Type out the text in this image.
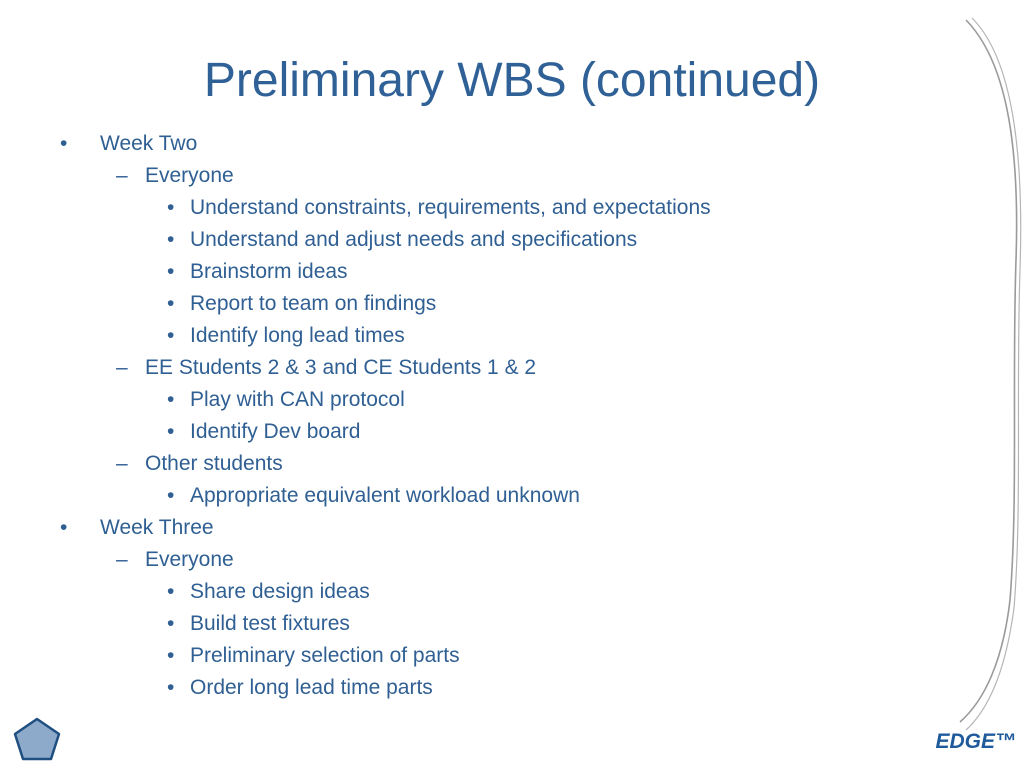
Preliminary WBS (continued)
• Week Two
– Everyone
• Understand constraints, requirements, and expectations
• Understand and adjust needs and specifications
• Brainstorm ideas
• Report to team on findings
• Identify long lead times
– EE Students 2 & 3 and CE Students 1 & 2
• Play with CAN protocol
• Identify Dev board
– Other students
• Appropriate equivalent workload unknown
• Week Three
– Everyone
• Share design ideas
• Build test fixtures
• Preliminary selection of parts
• Order long lead time parts
EDGE™
